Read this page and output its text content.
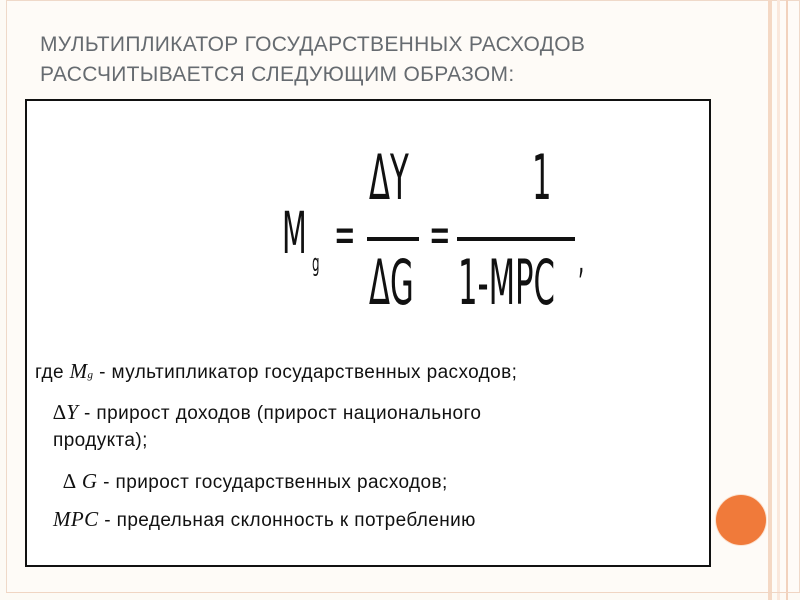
МУЛЬТИПЛИКАТОР ГОСУДАРСТВЕННЫХ РАСХОДОВ
РАССЧИТЫВАЕТСЯ СЛЕДУЮЩИМ ОБРАЗОМ:
M g =
ΔY
ΔG
=
1
1-MPC ,
где Mg - мультипликатор государственных расходов;
∆Y - прирост доходов (прирост национального
продукта);
∆ G - прирост государственных расходов;
MPC - предельная склонность к потреблению
